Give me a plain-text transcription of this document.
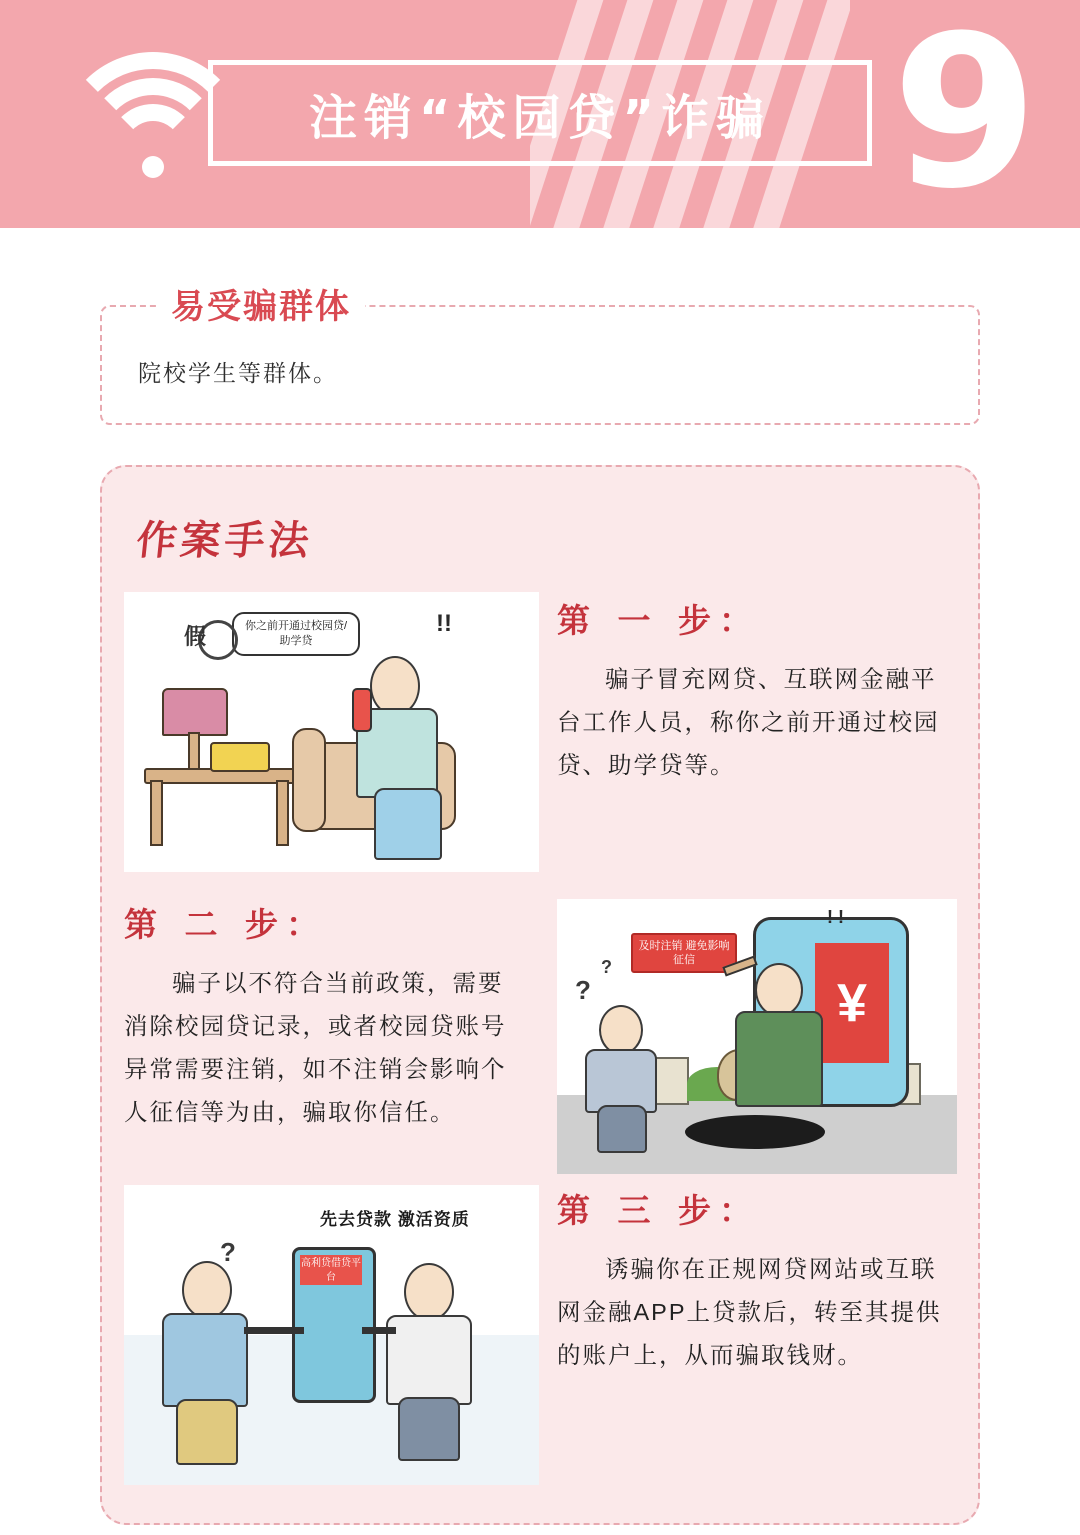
注销“校园贷”诈骗 9
易受骗群体
院校学生等群体。
作案手法
你之前开通过校园贷/助学贷
假	!!	第 一 步：
骗子冒充网贷、互联网金融平台工作人员，称你之前开通过校园贷、助学贷等。
第 二 步：
骗子以不符合当前政策，需要消除校园贷记录，或者校园贷账号异常需要注销，如不注销会影响个人征信等为由，骗取你信任。
¥
及时注销 避免影响征信
?
?
! !
先去贷款 激活资质
高利贷借贷平台
?
第 三 步：
诱骗你在正规网贷网站或互联网金融APP上贷款后，转至其提供的账户上，从而骗取钱财。
